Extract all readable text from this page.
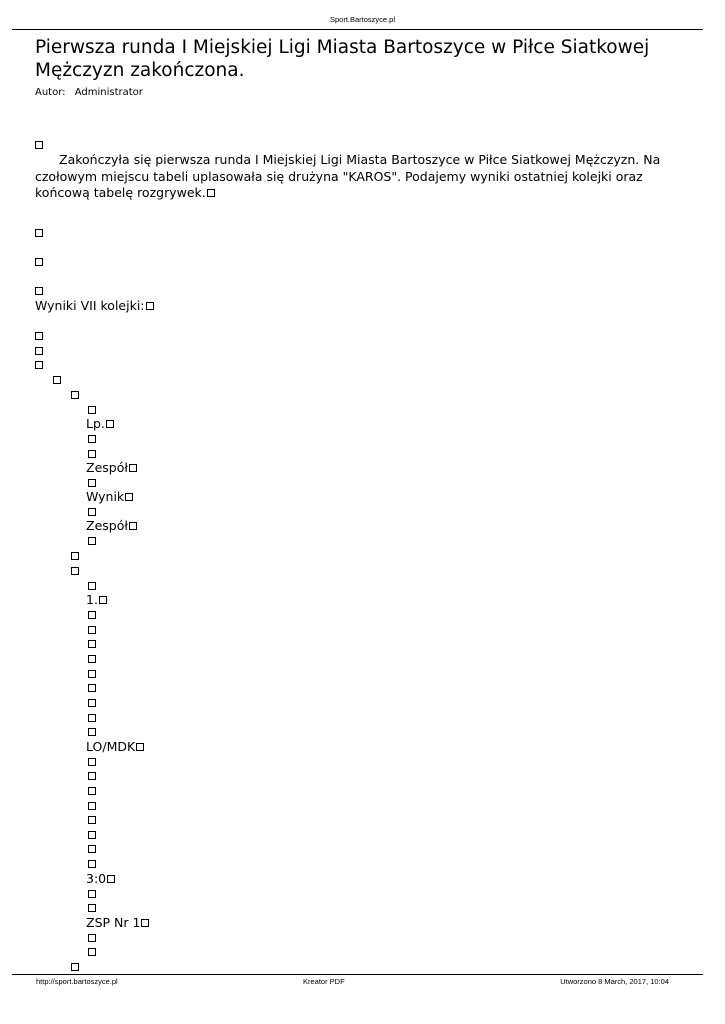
Sport.Bartoszyce.pl
Pierwsza runda I Miejskiej Ligi Miasta Bartoszyce w Piłce Siatkowej Mężczyzn zakończona.
Autor: Administrator

Zakończyła się pierwsza runda I Miejskiej Ligi Miasta Bartoszyce w Piłce Siatkowej Mężczyzn. Na czołowym miejscu tabeli uplasowała się drużyna "KAROS". Podajemy wyniki ostatniej kolejki oraz końcową tabelę rozgrywek.

Wyniki VII kolejki:
Lp.
Zespół
Wynik
Zespół
1.
LO/MDK
3:0
ZSP Nr 1
http://sport.bartoszyce.pl	Kreator PDF	Utworzono 8 March, 2017, 10:04
